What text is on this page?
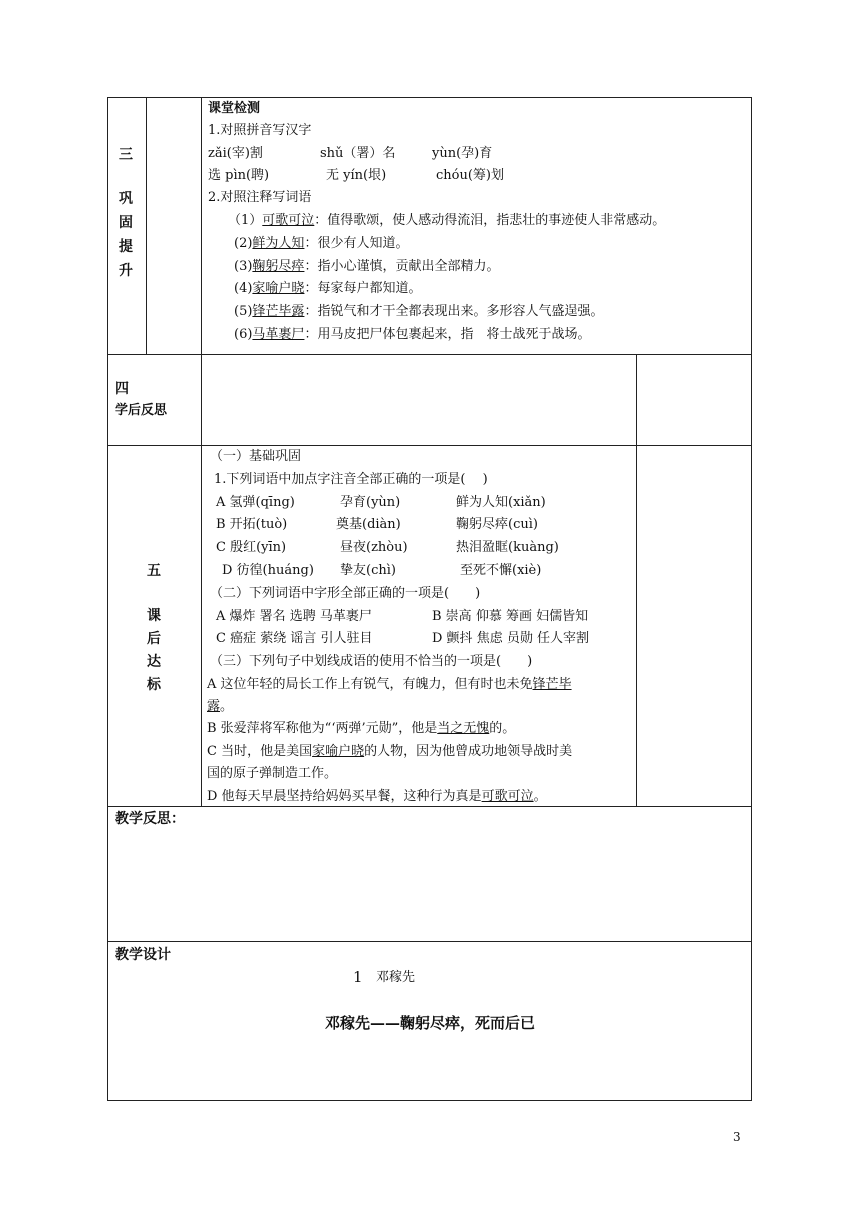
三
巩
固
提
升
课堂检测
1.对照拼音写汉字
zǎi(宰)割	shǔ（署）名	yùn(孕)育
选 pìn(聘)	无 yín(垠)	chóu(筹)划
2.对照注释写词语
（1）可歌可泣：值得歌颂，使人感动得流泪，指悲壮的事迹使人非常感动。
(2)鲜为人知：很少有人知道。
(3)鞠躬尽瘁：指小心谨慎，贡献出全部精力。
(4)家喻户晓：每家每户都知道。
(5)锋芒毕露：指锐气和才干全都表现出来。多形容人气盛逞强。
(6)马革裹尸：用马皮把尸体包裹起来，指　将士战死于战场。
四
学后反思
五
课
后
达
标
（一）基础巩固
1.下列词语中加点字注音全部正确的一项是(　 )
A 氢弹(qīng)	孕育(yùn)	鲜为人知(xiǎn)
B 开拓(tuò)	奠基(diàn)	鞠躬尽瘁(cuì)
C 殷红(yīn)	昼夜(zhòu)	热泪盈眶(kuàng)
D 彷徨(huáng) 挚友(chì)	至死不懈(xiè)
（二）下列词语中字形全部正确的一项是(　　)
A 爆炸 署名 选聘 马革裹尸	B 崇高 仰慕 筹画 妇儒皆知
C 癌症 萦绕 谣言 引人驻目	D 颤抖 焦虑 员勋 任人宰割
（三）下列句子中划线成语的使用不恰当的一项是(　　)
A 这位年轻的局长工作上有锐气，有魄力，但有时也未免锋芒毕
露。
B 张爱萍将军称他为“‘两弹’元勋”，他是当之无愧的。
C 当时，他是美国家喻户晓的人物，因为他曾成功地领导战时美
国的原子弹制造工作。
D 他每天早晨坚持给妈妈买早餐，这种行为真是可歌可泣。
教学反思：
教学设计
1 邓稼先
邓稼先——鞠躬尽瘁，死而后已
3
